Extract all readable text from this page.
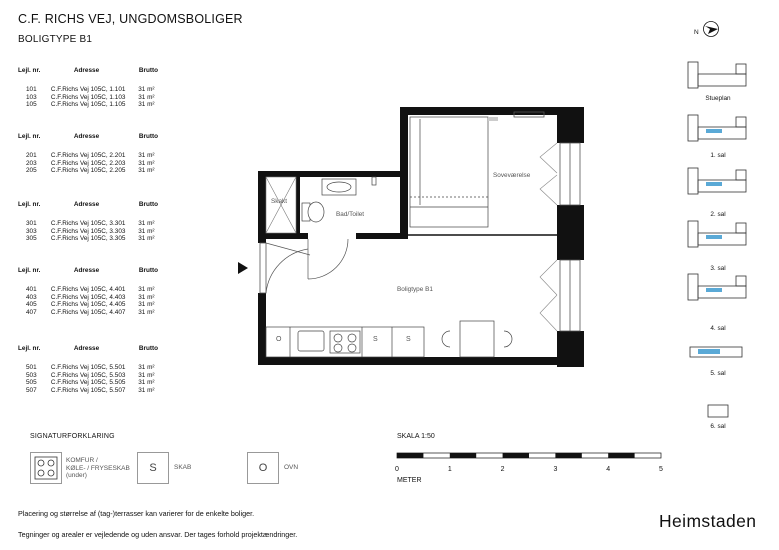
C.F. RICHS VEJ, UNGDOMSBOLIGER
BOLIGTYPE B1
Lejl. nr.	Adresse	Brutto
101	C.F.Richs Vej 105C, 1.101	31 m²
103	C.F.Richs Vej 105C, 1.103	31 m²
105	C.F.Richs Vej 105C, 1.105	31 m²
Lejl. nr.	Adresse	Brutto
201	C.F.Richs Vej 105C, 2.201	31 m²
203	C.F.Richs Vej 105C, 2.203	31 m²
205	C.F.Richs Vej 105C, 2.205	31 m²
Lejl. nr.	Adresse	Brutto
301	C.F.Richs Vej 105C, 3.301	31 m²
303	C.F.Richs Vej 105C, 3.303	31 m²
305	C.F.Richs Vej 105C, 3.305	31 m²
Lejl. nr.	Adresse	Brutto
401	C.F.Richs Vej 105C, 4.401	31 m²
403	C.F.Richs Vej 105C, 4.403	31 m²
405	C.F.Richs Vej 105C, 4.405	31 m²
407	C.F.Richs Vej 105C, 4.407	31 m²
Lejl. nr.	Adresse	Brutto
501	C.F.Richs Vej 105C, 5.501	31 m²
503	C.F.Richs Vej 105C, 5.503	31 m²
505	C.F.Richs Vej 105C, 5.505	31 m²
507	C.F.Richs Vej 105C, 5.507	31 m²
Skakt
Bad/Toilet
Soveværelse
Boligtype B1
O	S	S
N
Stueplan
1. sal
2. sal
3. sal
4. sal
5. sal
6. sal
SIGNATURFORKLARING
KOMFUR /
KØLE- / FRYSESKAB
(under)
S	SKAB	O	OVN
SKALA 1:50
0	1	2	3	4	5
METER
Placering og størrelse af (tag-)terrasser kan varierer for de enkelte boliger.
Tegninger og arealer er vejledende og uden ansvar. Der tages forhold projektændringer.
Heimstaden
